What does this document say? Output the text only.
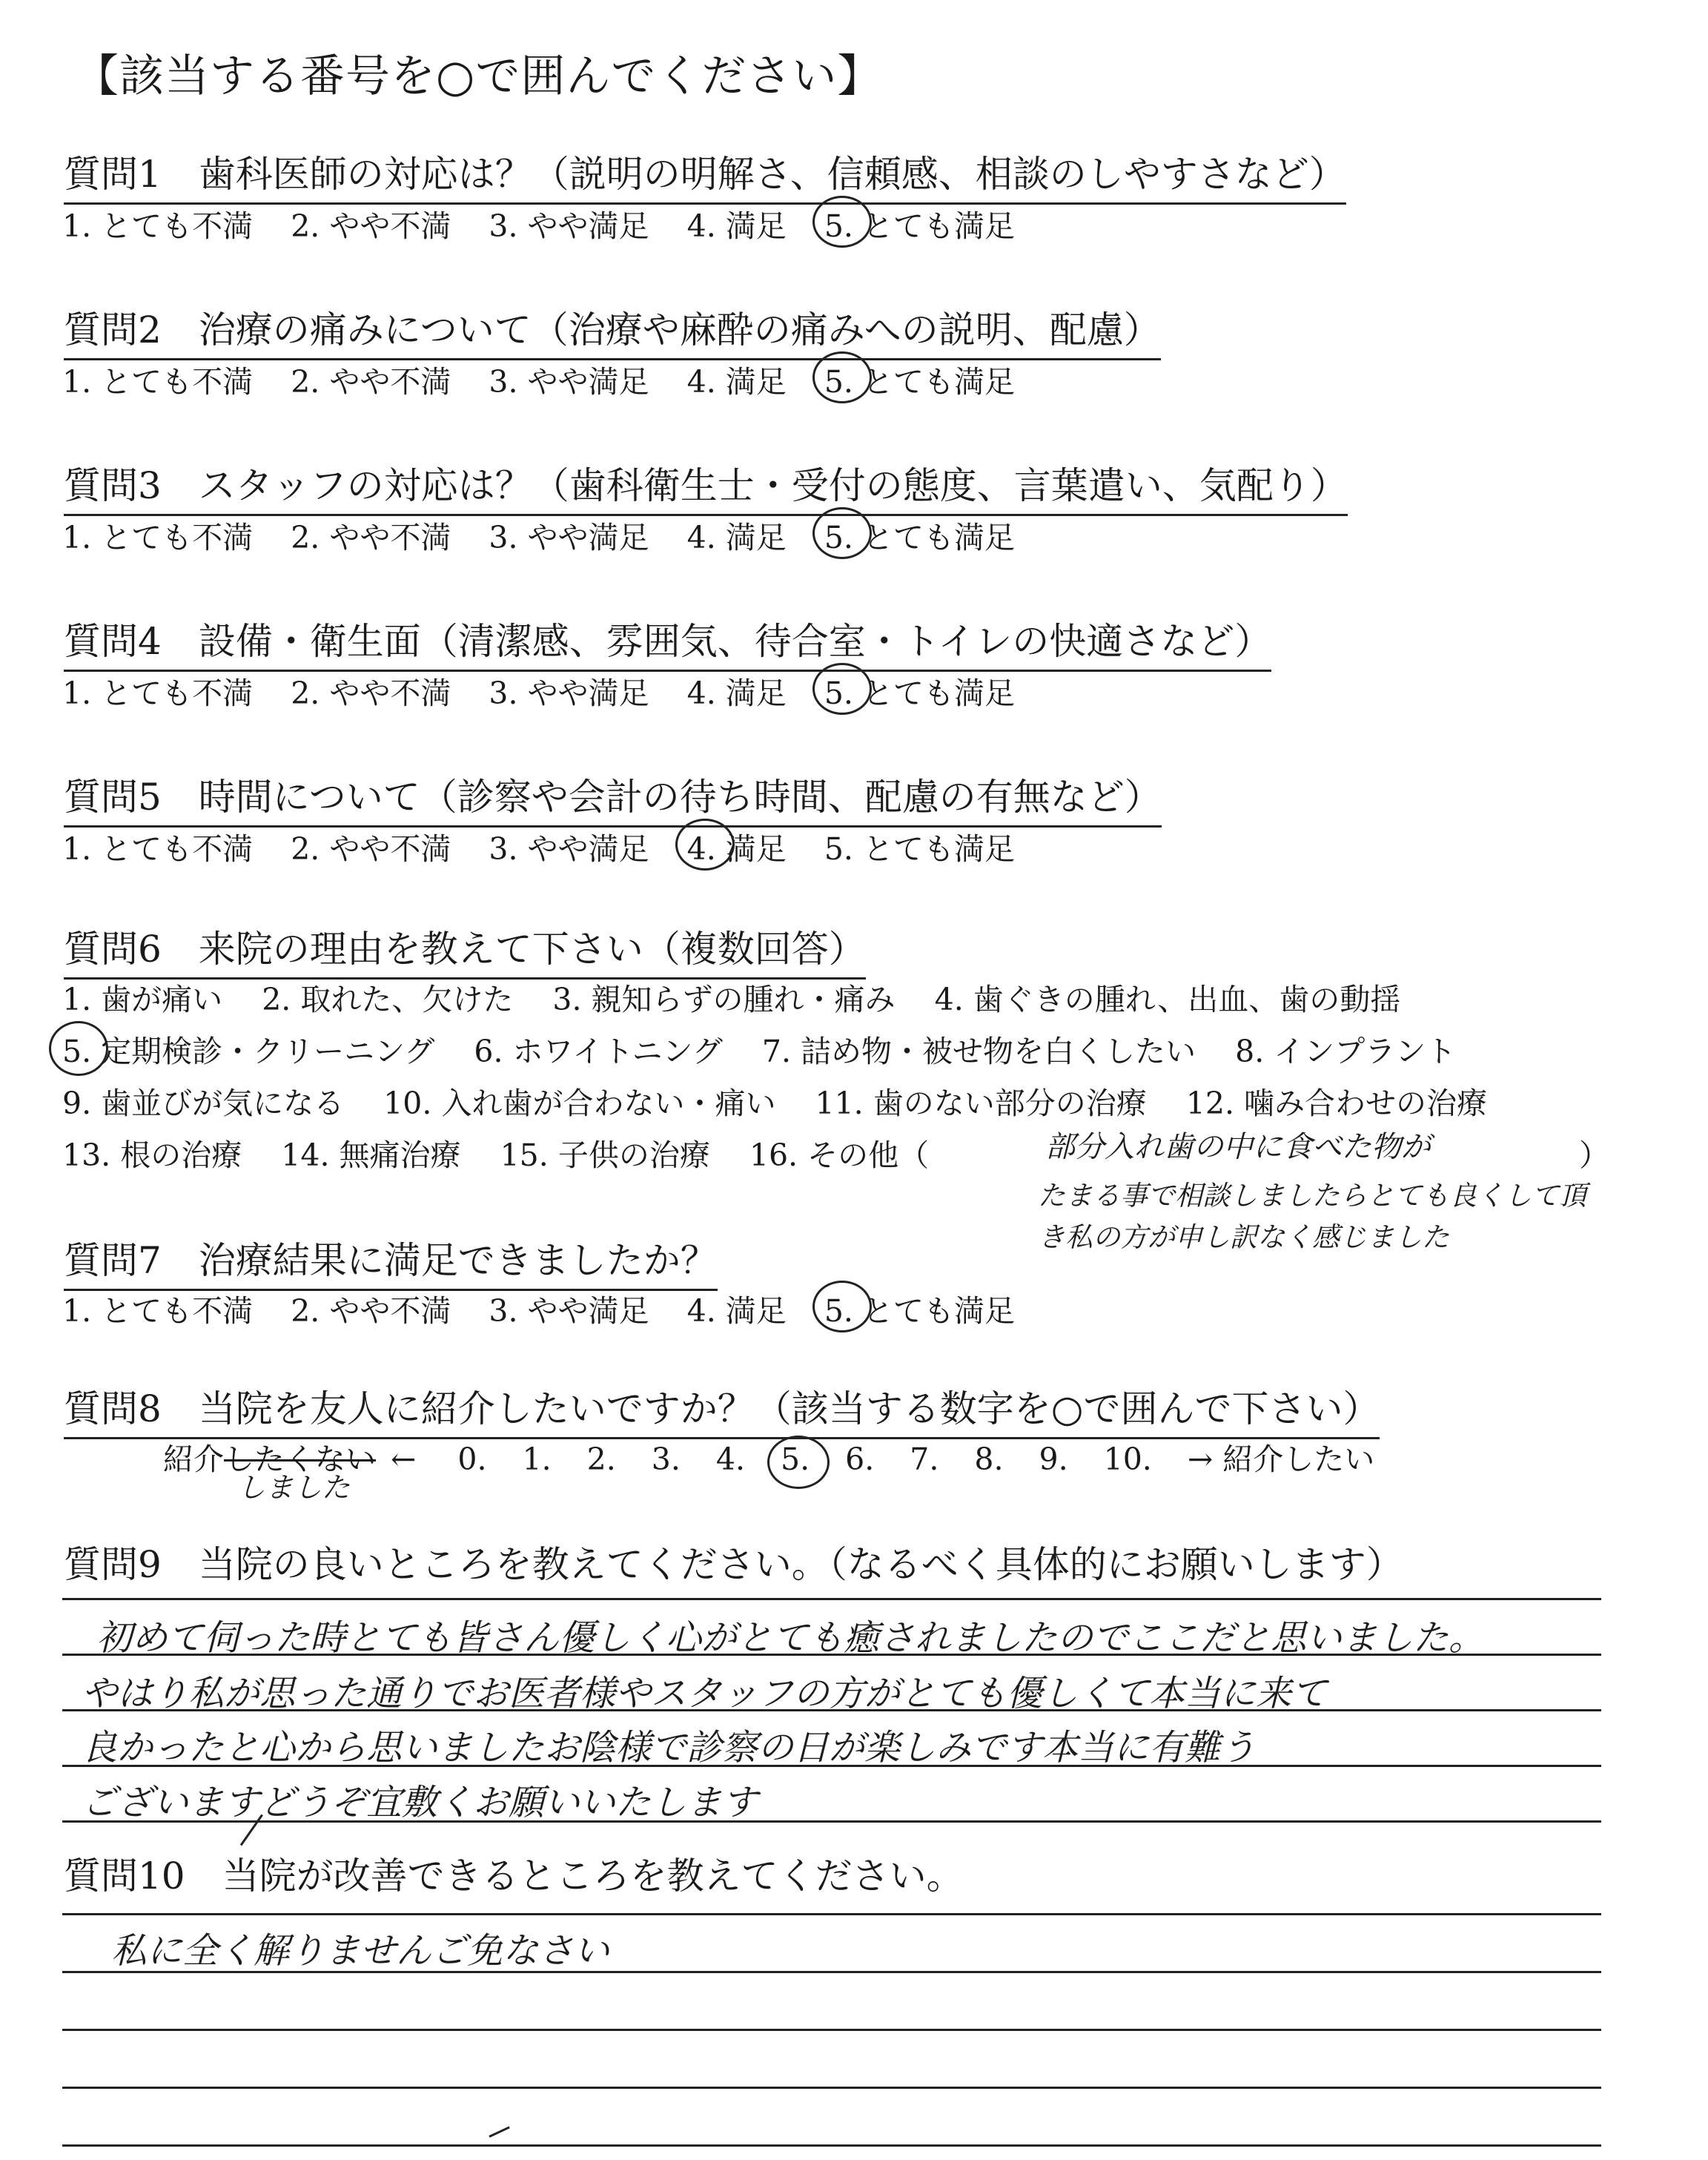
【該当する番号を○で囲んでください】
質問1　歯科医師の対応は？（説明の明解さ、信頼感、相談のしやすさなど）
1. とても不満 2. やや不満 3. やや満足 4. 満足 5. とても満足
質問2　治療の痛みについて（治療や麻酔の痛みへの説明、配慮）
1. とても不満 2. やや不満 3. やや満足 4. 満足 5. とても満足
質問3　スタッフの対応は？（歯科衛生士・受付の態度、言葉遣い、気配り）
1. とても不満 2. やや不満 3. やや満足 4. 満足 5. とても満足
質問4　設備・衛生面（清潔感、雰囲気、待合室・トイレの快適さなど）
1. とても不満 2. やや不満 3. やや満足 4. 満足 5. とても満足
質問5　時間について（診察や会計の待ち時間、配慮の有無など）
1. とても不満 2. やや不満 3. やや満足 4. 満足 5. とても満足
質問6　来院の理由を教えて下さい（複数回答）
1. 歯が痛い 2. 取れた、欠けた 3. 親知らずの腫れ・痛み 4. 歯ぐきの腫れ、出血、歯の動揺
5. 定期検診・クリーニング 6. ホワイトニング 7. 詰め物・被せ物を白くしたい 8. インプラント
9. 歯並びが気になる 10. 入れ歯が合わない・痛い 11. 歯のない部分の治療 12. 噛み合わせの治療
13. 根の治療 14. 無痛治療 15. 子供の治療 16. その他（	部分入れ歯の中に食べた物が	）
たまる事で相談しましたらとても良くして頂
き私の方が申し訳なく感じました
質問7　治療結果に満足できましたか？
1. とても不満 2. やや不満 3. やや満足 4. 満足 5. とても満足
質問8　当院を友人に紹介したいですか？（該当する数字を○で囲んで下さい）
紹介したくない ← 0. 1. 2. 3. 4. 5. 6. 7. 8. 9. 10. → 紹介したい
しました
質問9　当院の良いところを教えてください。（なるべく具体的にお願いします）
初めて伺った時とても皆さん優しく心がとても癒されましたのでここだと思いました。
やはり私が思った通りでお医者様やスタッフの方がとても優しくて本当に来て
良かったと心から思いましたお陰様で診察の日が楽しみです本当に有難う
ございますどうぞ宜敷くお願いいたします
質問10　当院が改善できるところを教えてください。
私に全く解りませんご免なさい
